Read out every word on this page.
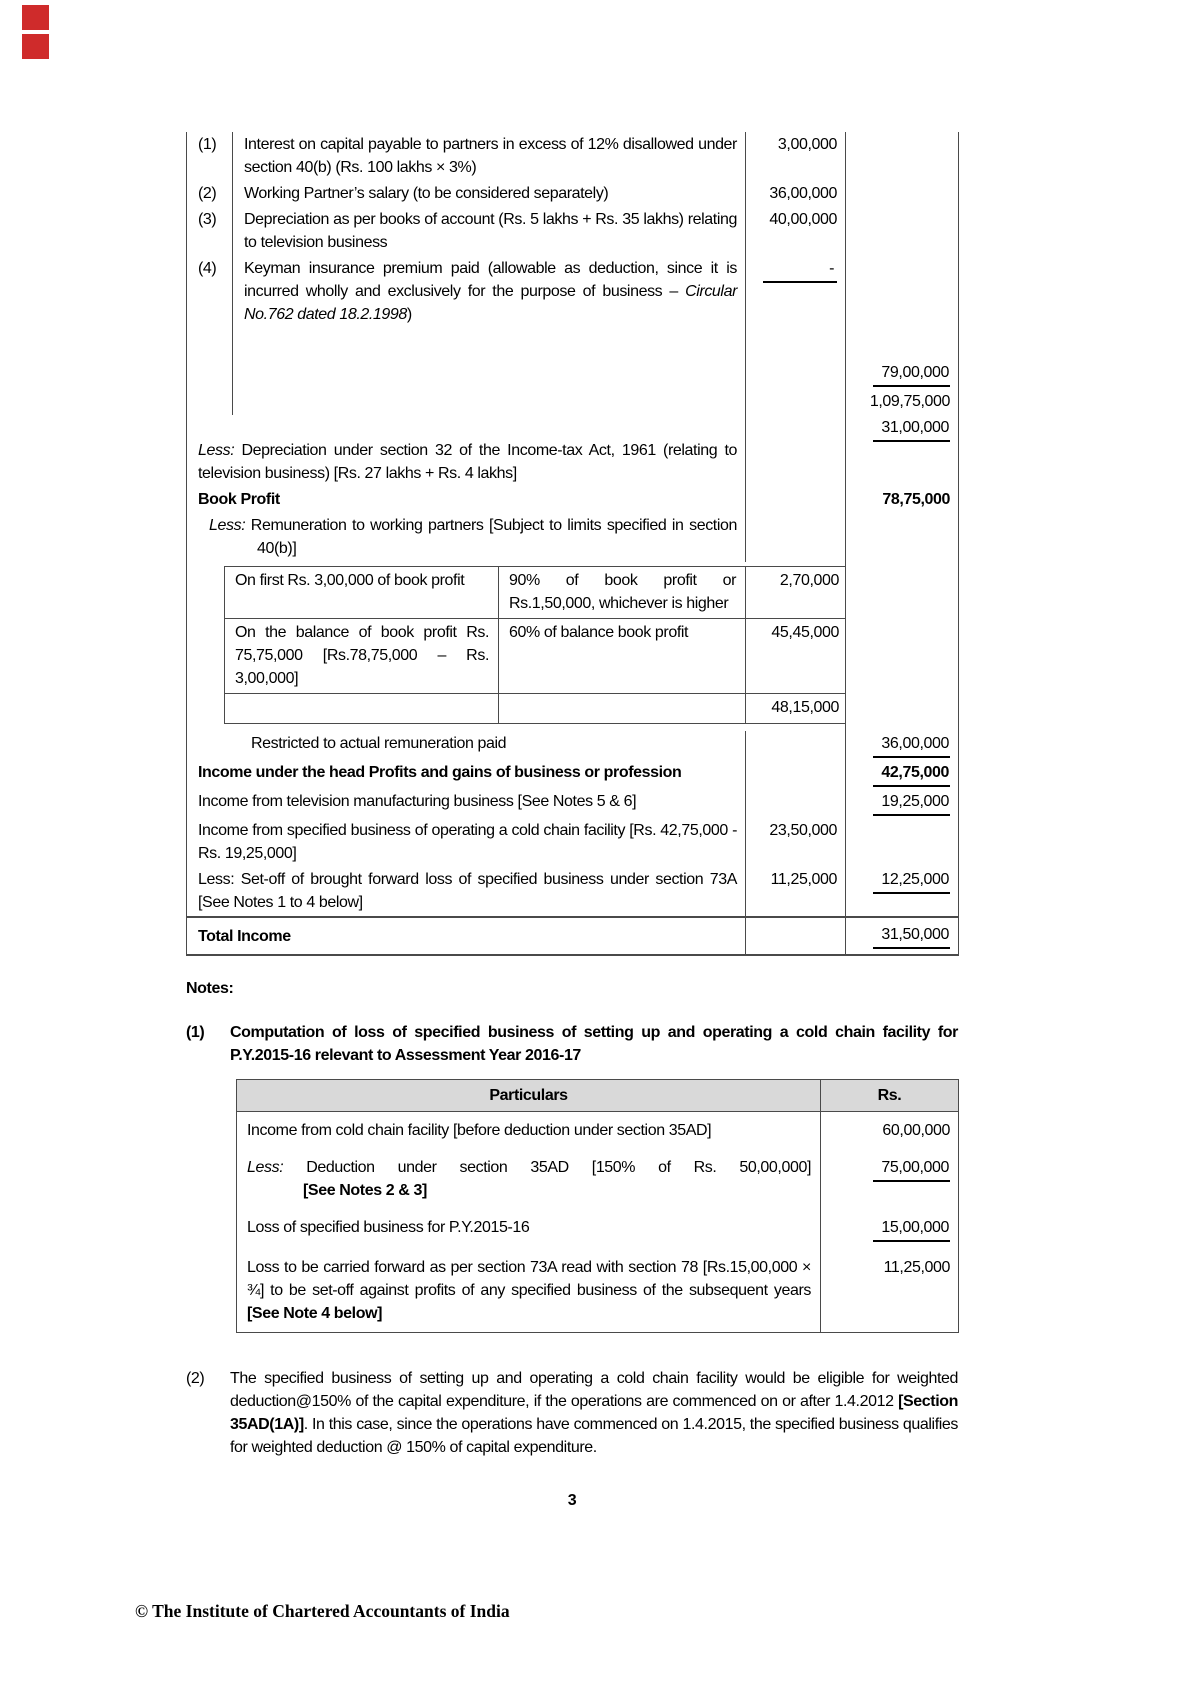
(1)	Interest on capital payable to partners in excess of 12% disallowed under section 40(b) (Rs. 100 lakhs × 3%)	3,00,000	
(2)	Working Partner’s salary (to be considered separately)	36,00,000	
(3)	Depreciation as per books of account (Rs. 5 lakhs + Rs. 35 lakhs) relating to television business	40,00,000	
(4)	Keyman insurance premium paid (allowable as deduction, since it is incurred wholly and exclusively for the purpose of business – Circular No.762 dated 18.2.1998)	-	
			79,00,000
			1,09,75,000
Less: Depreciation under section 32 of the Income-tax Act, 1961 (relating to television business) [Rs. 27 lakhs + Rs. 4 lakhs]		31,00,000
Book Profit		78,75,000

Less: Remuneration to working partners [Subject to limits specified in section 40(b)]

On first Rs. 3,00,000 of book profit	90% of book profit or Rs.1,50,000, whichever is higher	2,70,000
On the balance of book profit Rs. 75,75,000 [Rs.78,75,000 – Rs. 3,00,000]	60% of balance book profit	45,45,000
		48,15,000

Restricted to actual remuneration paid		36,00,000
Income under the head Profits and gains of business or profession		42,75,000
Income from television manufacturing business [See Notes 5 & 6]		19,25,000
Income from specified business of operating a cold chain facility [Rs. 42,75,000 - Rs. 19,25,000]	23,50,000	
Less: Set-off of brought forward loss of specified business under section 73A [See Notes 1 to 4 below]	11,25,000	12,25,000
Total Income		31,50,000
Notes:
(1)	Computation of loss of specified business of setting up and operating a cold chain facility for P.Y.2015-16 relevant to Assessment Year 2016-17
Particulars	Rs.
Income from cold chain facility [before deduction under section 35AD]	60,00,000

Less: Deduction under section 35AD [150% of Rs. 50,00,000]
[See Notes 2 & 3]	75,00,000
Loss of specified business for P.Y.2015-16	15,00,000
Loss to be carried forward as per section 73A read with section 78 [Rs.15,00,000 × ¾] to be set-off against profits of any specified business of the subsequent years [See Note 4 below]	11,25,000
(2)	The specified business of setting up and operating a cold chain facility would be eligible for weighted deduction@150% of the capital expenditure, if the operations are commenced on or after 1.4.2012 [Section 35AD(1A)]. In this case, since the operations have commenced on 1.4.2015, the specified business qualifies for weighted deduction @ 150% of capital expenditure.
3
© The Institute of Chartered Accountants of India
